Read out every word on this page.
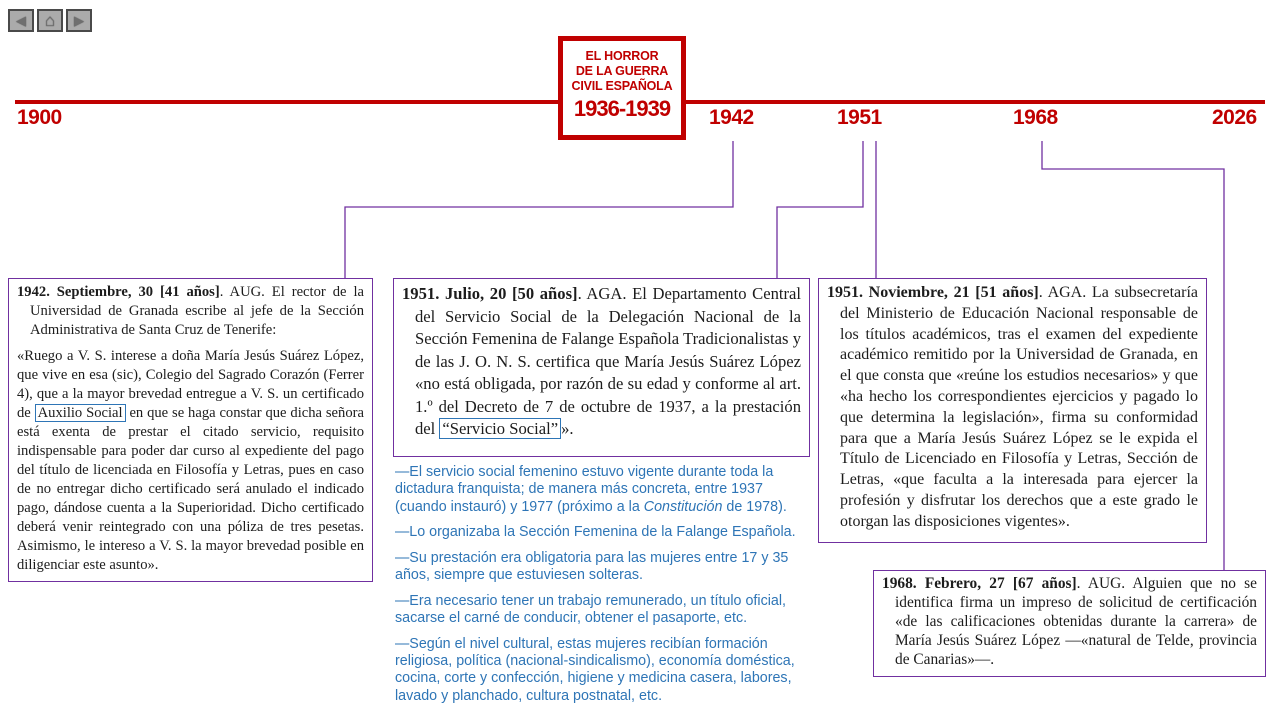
◀ ⌂ ▶
EL HORROR
DE LA GUERRA
CIVIL ESPAÑOLA
1936-1939
1900	1942	1951	1968	2026

1942. Septiembre, 30 [41 años]. AUG. El rector de la Universidad de Granada escribe al jefe de la Sección Administrativa de Santa Cruz de Tenerife:

«Ruego a V. S. interese a doña María Jesús Suárez López, que vive en esa (sic), Colegio del Sagrado Corazón (Ferrer 4), que a la mayor brevedad entregue a V. S. un certificado de Auxilio Social en que se haga constar que dicha señora está exenta de prestar el citado servicio, requisito indispensable para poder dar curso al expediente del pago del título de licenciada en Filosofía y Letras, pues en caso de no entregar dicho certificado será anulado el indicado pago, dándose cuenta a la Superioridad. Dicho certificado deberá venir reintegrado con una póliza de tres pesetas. Asimismo, le intereso a V. S. la mayor brevedad posible en diligenciar este asunto».

1951. Julio, 20 [50 años]. AGA. El Departamento Central del Servicio Social de la Delegación Nacional de la Sección Femenina de Falange Española Tradicionalistas y de las J. O. N. S. certifica que María Jesús Suárez López «no está obligada, por razón de su edad y conforme al art. 1.º del Decreto de 7 de octubre de 1937, a la prestación del “Servicio Social” ».

1951. Noviembre, 21 [51 años]. AGA. La subsecretaría del Ministerio de Educación Nacional responsable de los títulos académicos, tras el examen del expediente académico remitido por la Universidad de Granada, en el que consta que «reúne los estudios necesarios» y que «ha hecho los correspondientes ejercicios y pagado lo que determina la legislación», firma su conformidad para que a María Jesús Suárez López se le expida el Título de Licenciado en Filosofía y Letras, Sección de Letras, «que faculta a la interesada para ejercer la profesión y disfrutar los derechos que a este grado le otorgan las disposiciones vigentes».

1968. Febrero, 27 [67 años]. AUG. Alguien que no se identifica firma un impreso de solicitud de certificación «de las calificaciones obtenidas durante la carrera» de María Jesús Suárez López —«natural de Telde, provincia de Canarias»—.

—El servicio social femenino estuvo vigente durante toda la dictadura franquista; de manera más concreta, entre 1937 (cuando instauró) y 1977 (próximo a la Constitución de 1978).

—Lo organizaba la Sección Femenina de la Falange Española.

—Su prestación era obligatoria para las mujeres entre 17 y 35 años, siempre que estuviesen solteras.

—Era necesario tener un trabajo remunerado, un título oficial, sacarse el carné de conducir, obtener el pasaporte, etc.

—Según el nivel cultural, estas mujeres recibían formación religiosa, política (nacional-sindicalismo), economía doméstica, cocina, corte y confección, higiene y medicina casera, labores, lavado y planchado, cultura postnatal, etc.
